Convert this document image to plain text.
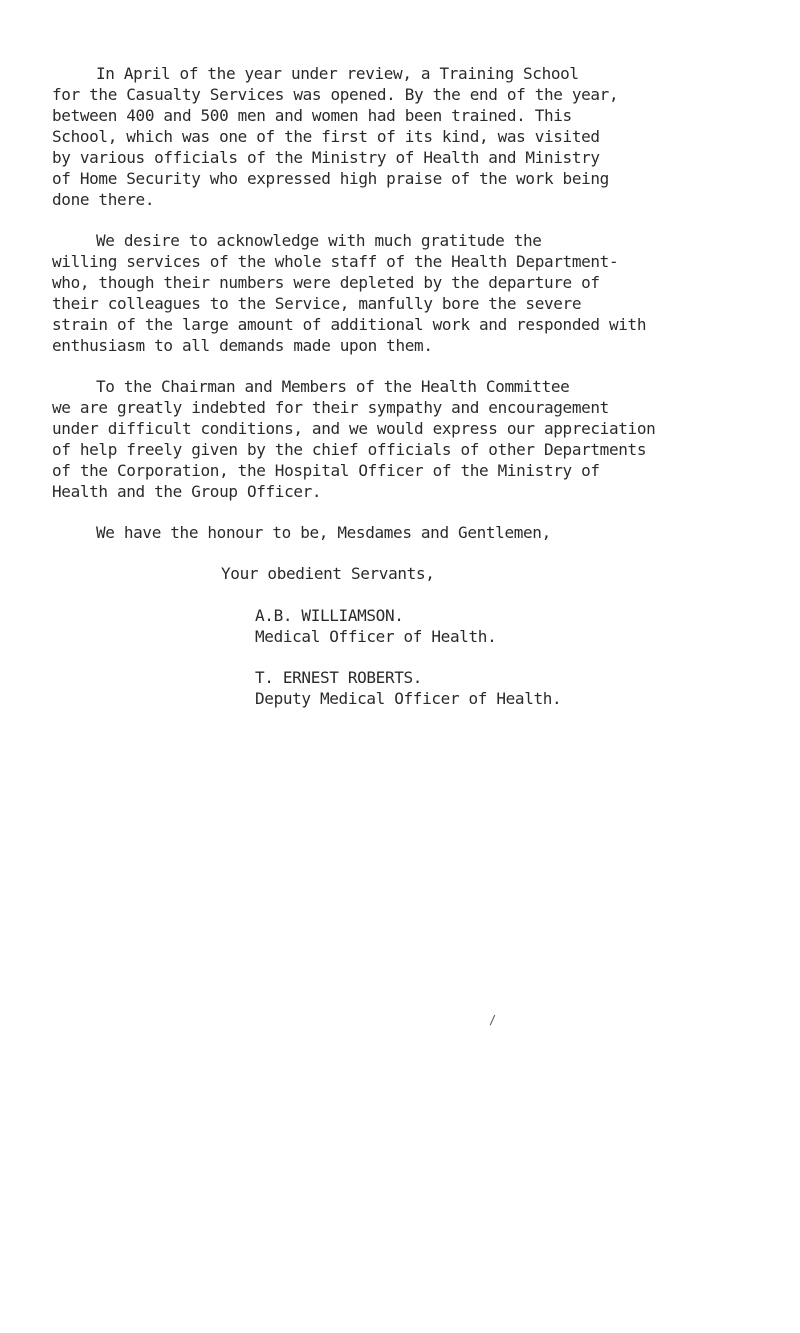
In April of the year under review, a Training School
for the Casualty Services was opened. By the end of the year,
between 400 and 500 men and women had been trained. This
School, which was one of the first of its kind, was visited
by various officials of the Ministry of Health and Ministry
of Home Security who expressed high praise of the work being
done there.
We desire to acknowledge with much gratitude the
willing services of the whole staff of the Health Department-
who, though their numbers were depleted by the departure of
their colleagues to the Service, manfully bore the severe
strain of the large amount of additional work and responded with
enthusiasm to all demands made upon them.
To the Chairman and Members of the Health Committee
we are greatly indebted for their sympathy and encouragement
under difficult conditions, and we would express our appreciation
of help freely given by the chief officials of other Departments
of the Corporation, the Hospital Officer of the Ministry of
Health and the Group Officer.
We have the honour to be, Mesdames and Gentlemen,
Your obedient Servants,
A.B. WILLIAMSON.
Medical Officer of Health.
T. ERNEST ROBERTS.
Deputy Medical Officer of Health.
/
